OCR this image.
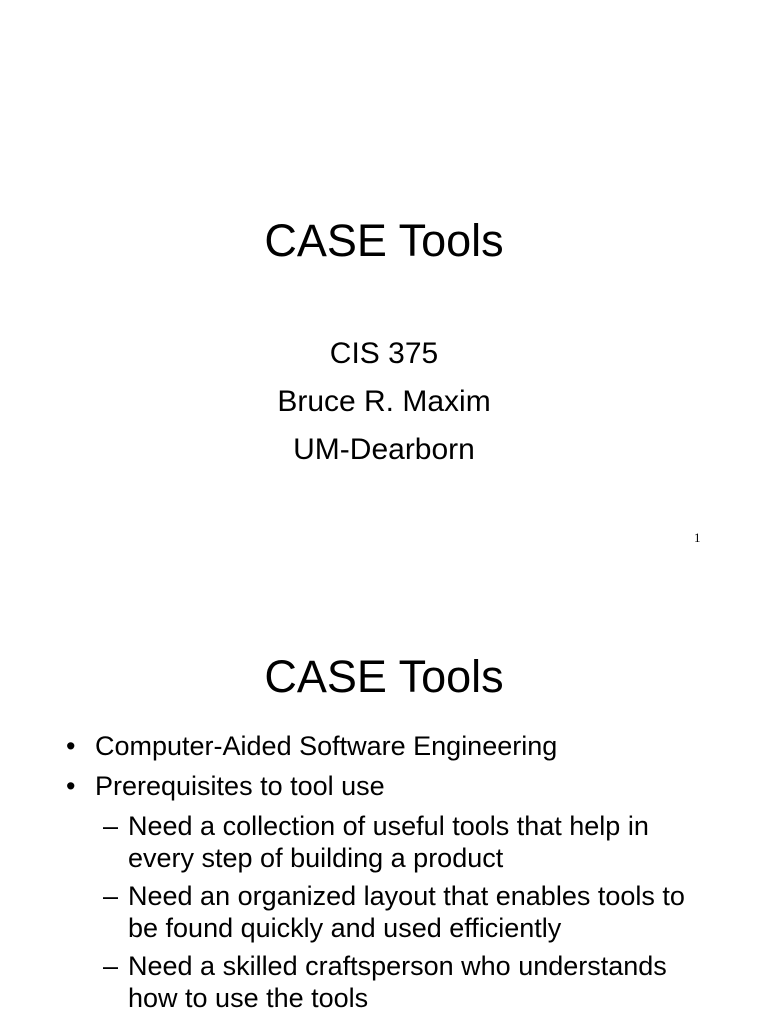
CASE Tools
CIS 375
Bruce R. Maxim
UM-Dearborn
1
CASE Tools
• Computer-Aided Software Engineering
• Prerequisites to tool use
– Need a collection of useful tools that help in every step of building a product
– Need an organized layout that enables tools to be found quickly and used efficiently
– Need a skilled craftsperson who understands how to use the tools
